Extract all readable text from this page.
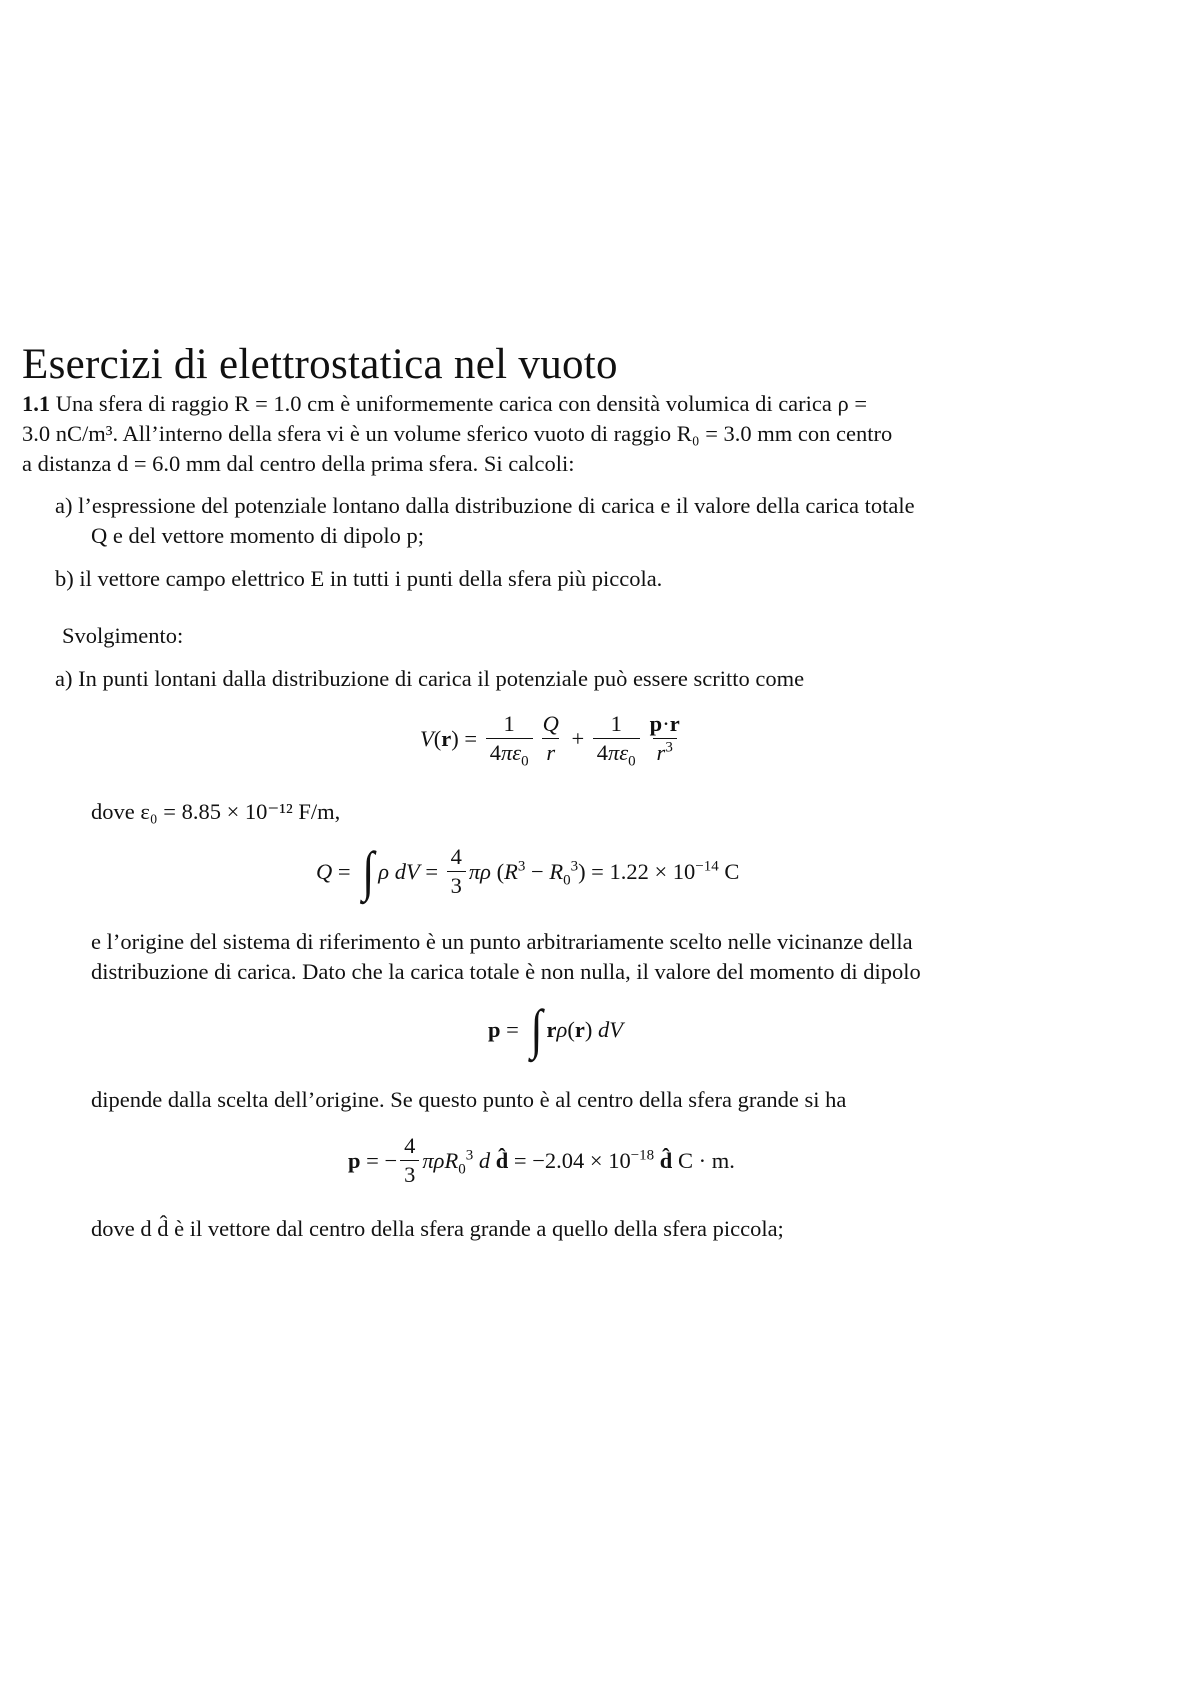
Esercizi di elettrostatica nel vuoto

1.1 Una sfera di raggio R = 1.0 cm è uniformemente carica con densità volumica di carica ρ =

3.0 nC/m³. All’interno della sfera vi è un volume sferico vuoto di raggio R₀ = 3.0 mm con centro

a distanza d = 6.0 mm dal centro della prima sfera. Si calcoli:

a) l’espressione del potenziale lontano dalla distribuzione di carica e il valore della carica totale

Q e del vettore momento di dipolo p;

b) il vettore campo elettrico E in tutti i punti della sfera più piccola.

Svolgimento:

a) In punti lontani dalla distribuzione di carica il potenziale può essere scritto come

V ( r ) = $\frac{1}{4\pi\varepsilon_0} \frac{Q}{r} + \frac{1}{4\pi\varepsilon_0} \frac{p\cdot r}{r^3}$

dove ε₀ = 8.85 × 10⁻¹² F/m,

Q = ∫ ρ dV = $\frac{4}{3}$ πρ $(R^3 - R_0^3) = 1.22 \times 10^{-14}$ C

e l’origine del sistema di riferimento è un punto arbitrariamente scelto nelle vicinanze della

distribuzione di carica. Dato che la carica totale è non nulla, il valore del momento di dipolo

p = ∫ rρ(r) dV

dipende dalla scelta dell’origine. Se questo punto è al centro della sfera grande si ha

p = − $\frac{4}{3} \pi\rho R_0^3$ d d̂ = $-2.04 \times 10^{-18}$ d̂ C · m.

dove d d̂ è il vettore dal centro della sfera grande a quello della sfera piccola;
